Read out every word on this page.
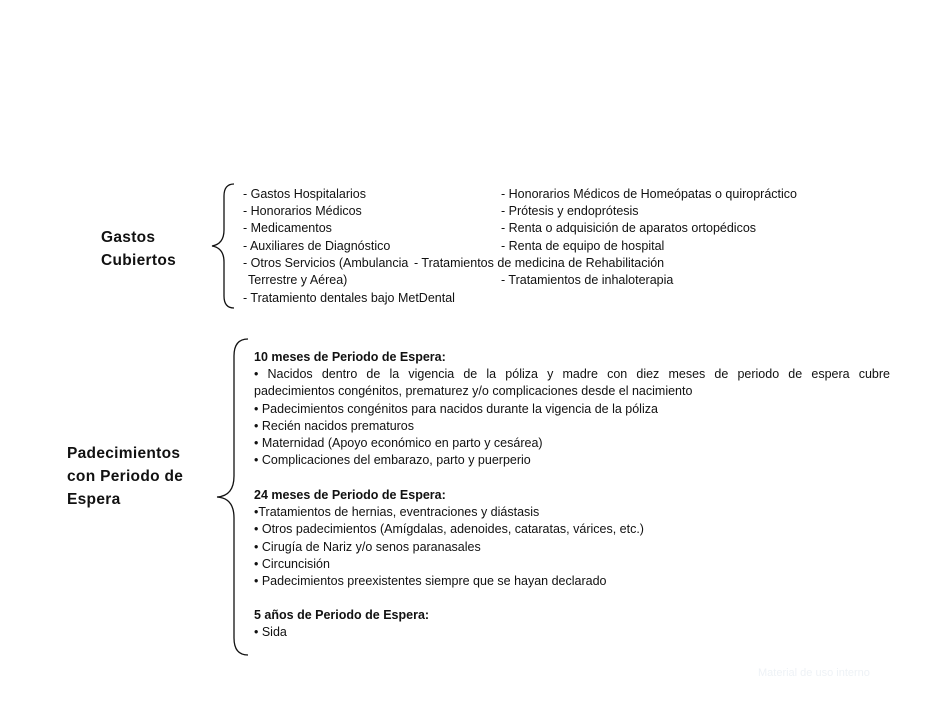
Gastos
Cubiertos
- Gastos Hospitalarios
- Honorarios Médicos
- Medicamentos
- Auxiliares de Diagnóstico
- Honorarios Médicos de Homeópatas o quiropráctico
- Prótesis y endoprótesis
- Renta o adquisición de aparatos ortopédicos
- Renta de equipo de hospital
- Otros Servicios (Ambulancia - Tratamientos de medicina de Rehabilitación
Terrestre y Aérea)	- Tratamientos de inhaloterapia
- Tratamiento dentales bajo MetDental
Padecimientos
con Periodo de
Espera
10 meses de Periodo de Espera:
• Nacidos dentro de la vigencia de la póliza y madre con diez meses de periodo de espera cubre
padecimientos congénitos, prematurez y/o complicaciones desde el nacimiento
• Padecimientos congénitos para nacidos durante la vigencia de la póliza
• Recién nacidos prematuros
• Maternidad (Apoyo económico en parto y cesárea)
• Complicaciones del embarazo, parto y puerperio
24 meses de Periodo de Espera:
•Tratamientos de hernias, eventraciones y diástasis
• Otros padecimientos (Amígdalas, adenoides, cataratas, várices, etc.)
• Cirugía de Nariz y/o senos paranasales
• Circuncisión
• Padecimientos preexistentes siempre que se hayan declarado
5 años de Periodo de Espera:
• Sida
Material de uso interno
